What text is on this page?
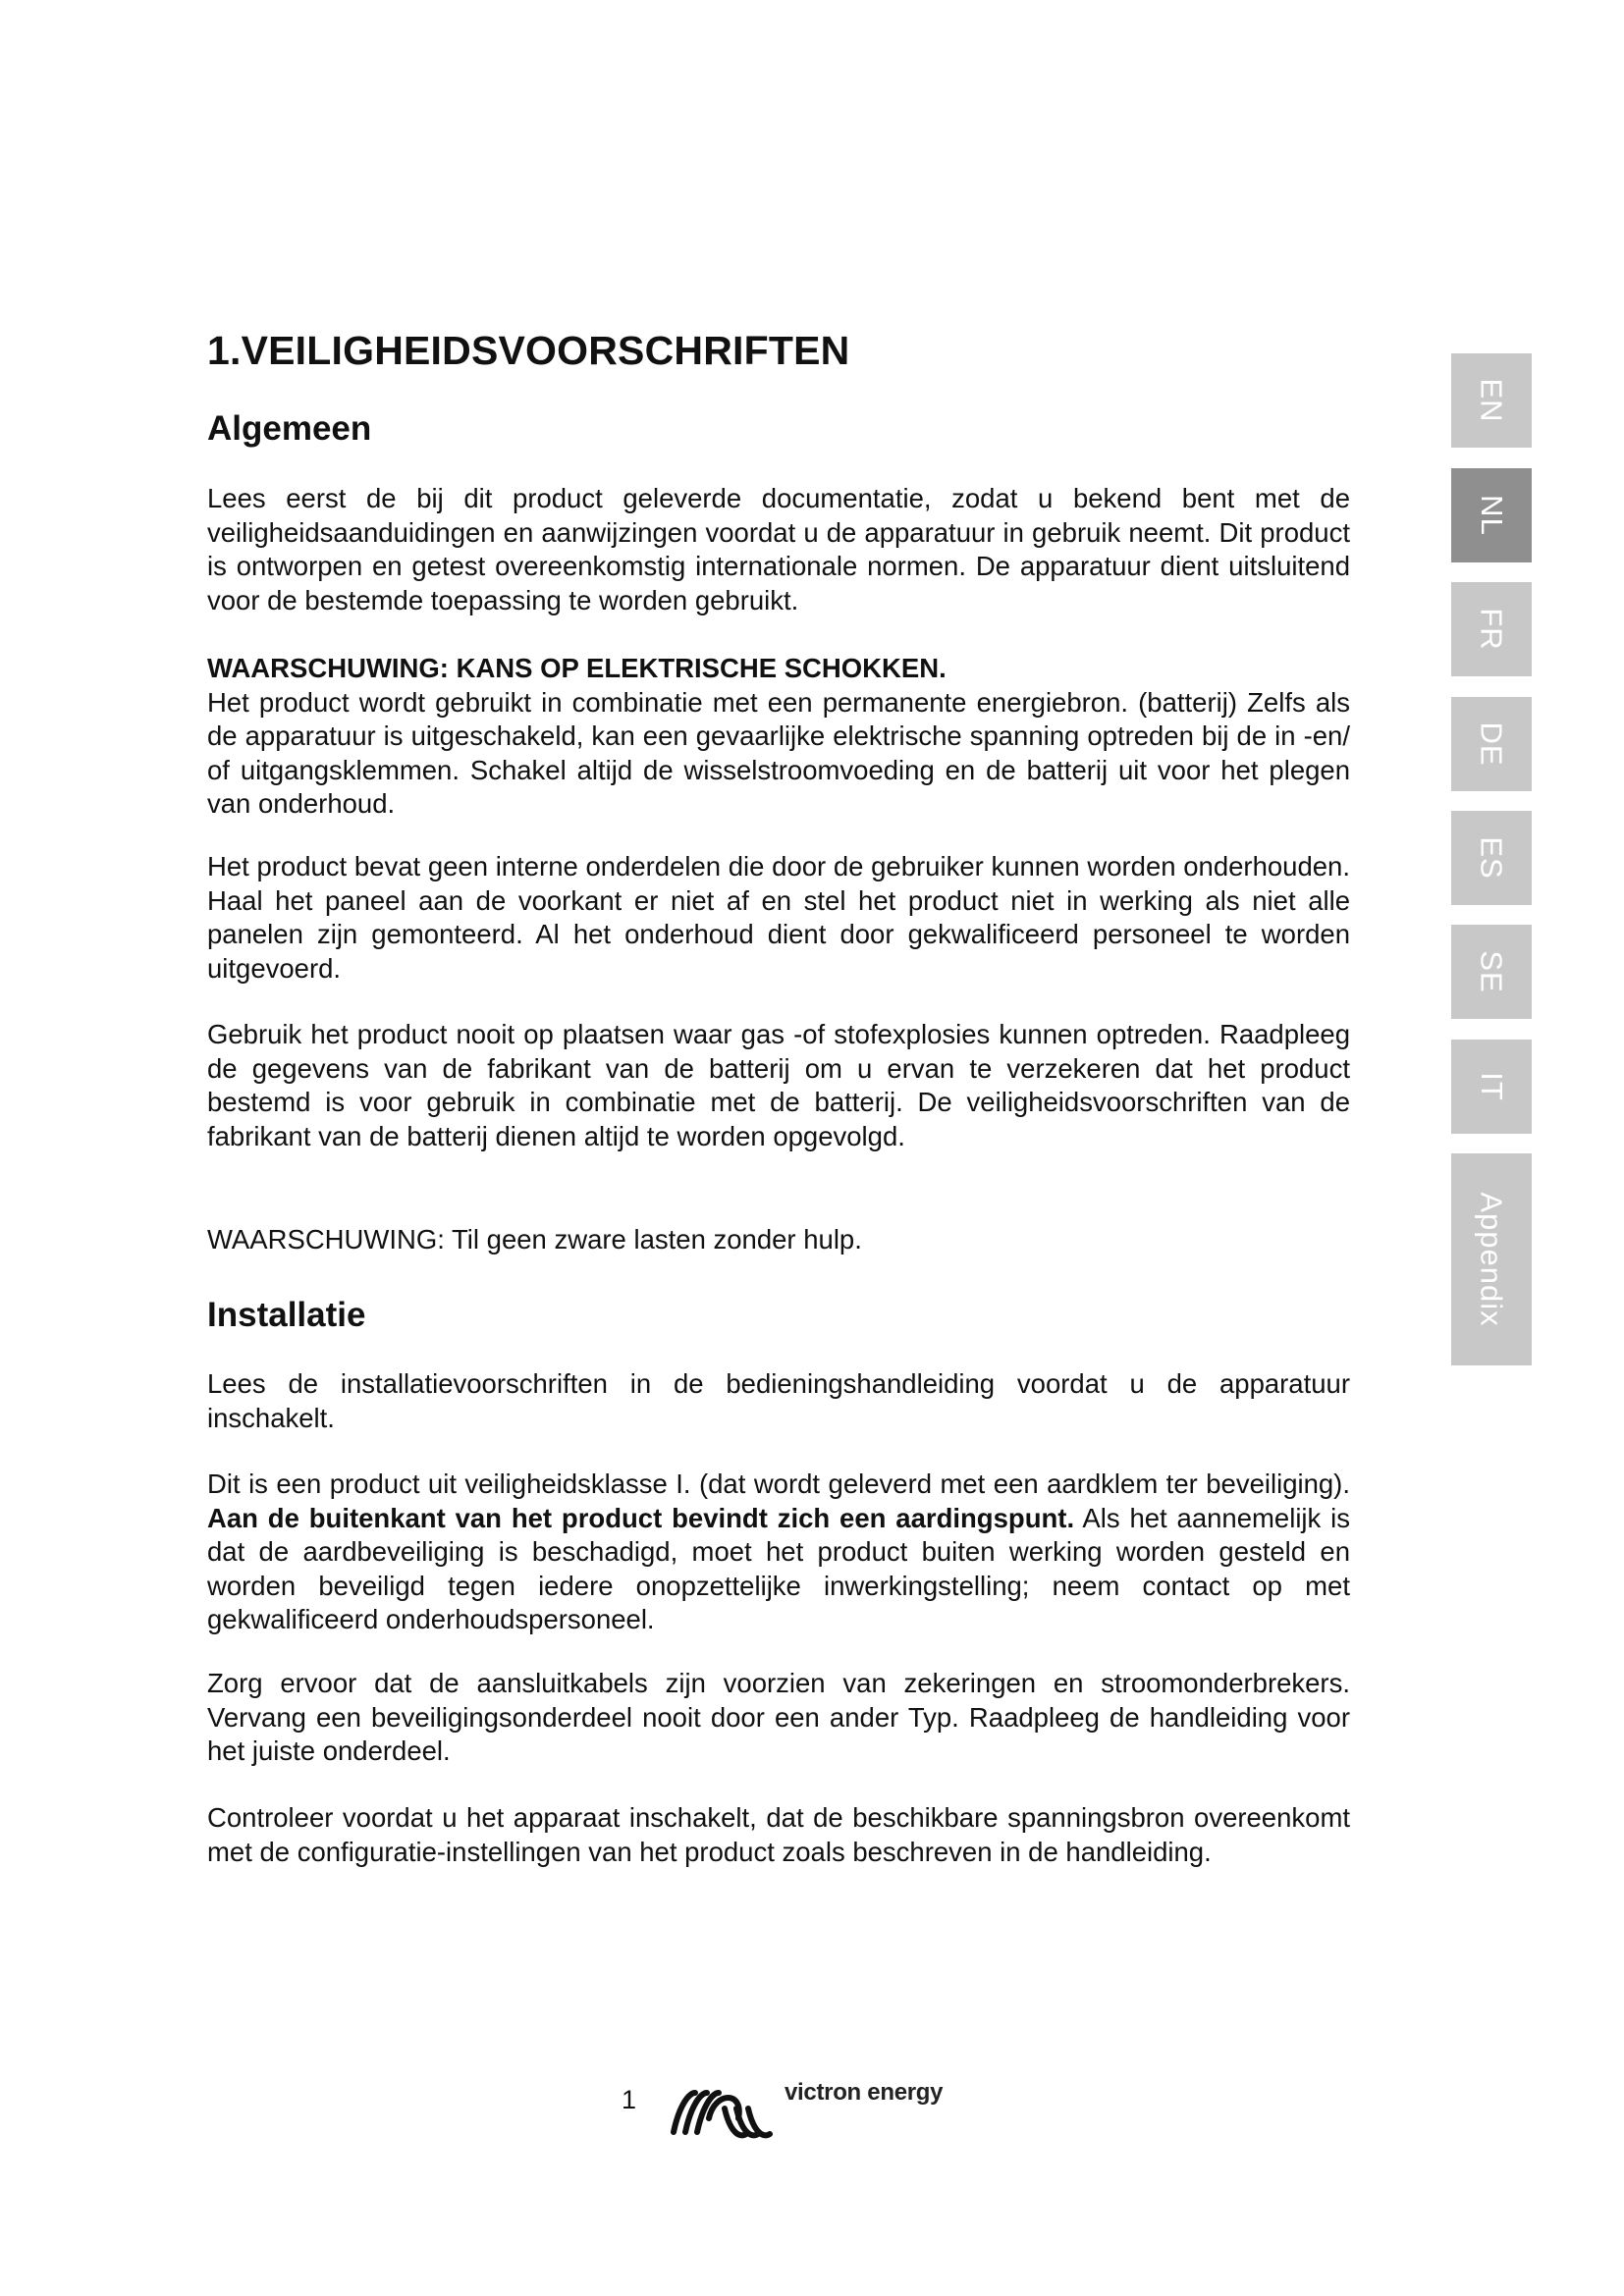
1.VEILIGHEIDSVOORSCHRIFTEN
Algemeen

Lees eerst de bij dit product geleverde documentatie, zodat u bekend bent met de veiligheidsaanduidingen en aanwijzingen voordat u de apparatuur in gebruik neemt. Dit product is ontworpen en getest overeenkomstig internationale normen. De apparatuur dient uitsluitend voor de bestemde toepassing te worden gebruikt.

WAARSCHUWING: KANS OP ELEKTRISCHE SCHOKKEN.
Het product wordt gebruikt in combinatie met een permanente energiebron. (batterij) Zelfs als de apparatuur is uitgeschakeld, kan een gevaarlijke elektrische spanning optreden bij de in -en/ of uitgangsklemmen. Schakel altijd de wisselstroomvoeding en de batterij uit voor het plegen van onderhoud.

Het product bevat geen interne onderdelen die door de gebruiker kunnen worden onderhouden. Haal het paneel aan de voorkant er niet af en stel het product niet in werking als niet alle panelen zijn gemonteerd. Al het onderhoud dient door gekwalificeerd personeel te worden uitgevoerd.

Gebruik het product nooit op plaatsen waar gas -of stofexplosies kunnen optreden. Raadpleeg de gegevens van de fabrikant van de batterij om u ervan te verzekeren dat het product bestemd is voor gebruik in combinatie met de batterij. De veiligheidsvoorschriften van de fabrikant van de batterij dienen altijd te worden opgevolgd.

WAARSCHUWING: Til geen zware lasten zonder hulp.

Installatie

Lees de installatievoorschriften in de bedieningshandleiding voordat u de apparatuur inschakelt.

Dit is een product uit veiligheidsklasse I. (dat wordt geleverd met een aardklem ter beveiliging). Aan de buitenkant van het product bevindt zich een aardingspunt. Als het aannemelijk is dat de aardbeveiliging is beschadigd, moet het product buiten werking worden gesteld en worden beveiligd tegen iedere onopzettelijke inwerkingstelling; neem contact op met gekwalificeerd onderhoudspersoneel.

Zorg ervoor dat de aansluitkabels zijn voorzien van zekeringen en stroomonderbrekers. Vervang een beveiligingsonderdeel nooit door een ander Typ. Raadpleeg de handleiding voor het juiste onderdeel.

Controleer voordat u het apparaat inschakelt, dat de beschikbare spanningsbron overeenkomt met de configuratie-instellingen van het product zoals beschreven in de handleiding.

EN
NL
FR
DE
ES
SE
IT
Appendix
1	victron energy
